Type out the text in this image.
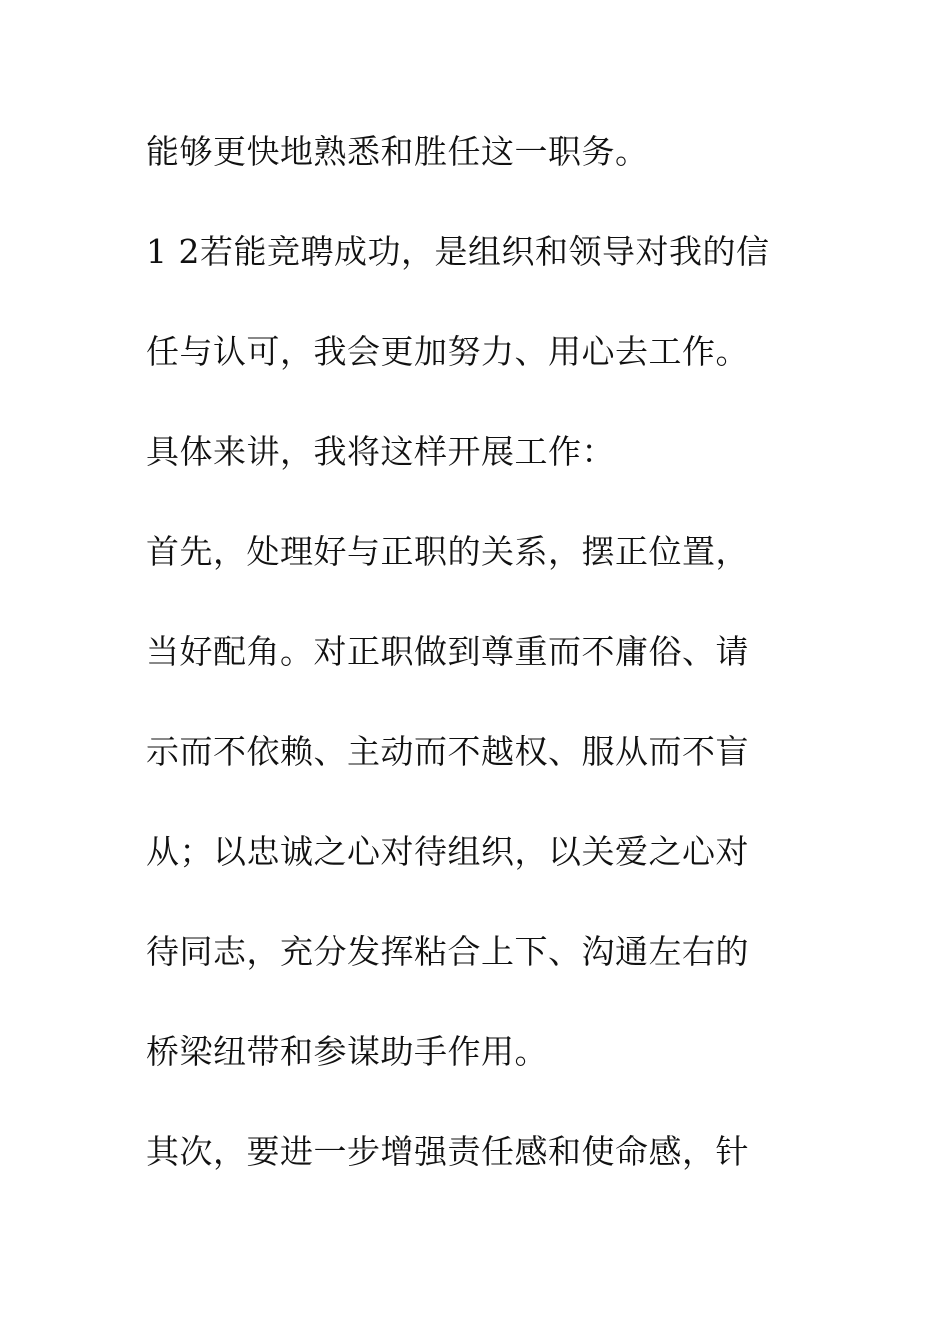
能够更快地熟悉和胜任这一职务。
1 2若能竞聘成功，是组织和领导对我的信
任与认可，我会更加努力、用心去工作。
具体来讲，我将这样开展工作：
首先，处理好与正职的关系，摆正位置，
当好配角。对正职做到尊重而不庸俗、请
示而不依赖、主动而不越权、服从而不盲
从；以忠诚之心对待组织，以关爱之心对
待同志，充分发挥粘合上下、沟通左右的
桥梁纽带和参谋助手作用。
其次，要进一步增强责任感和使命感，针
